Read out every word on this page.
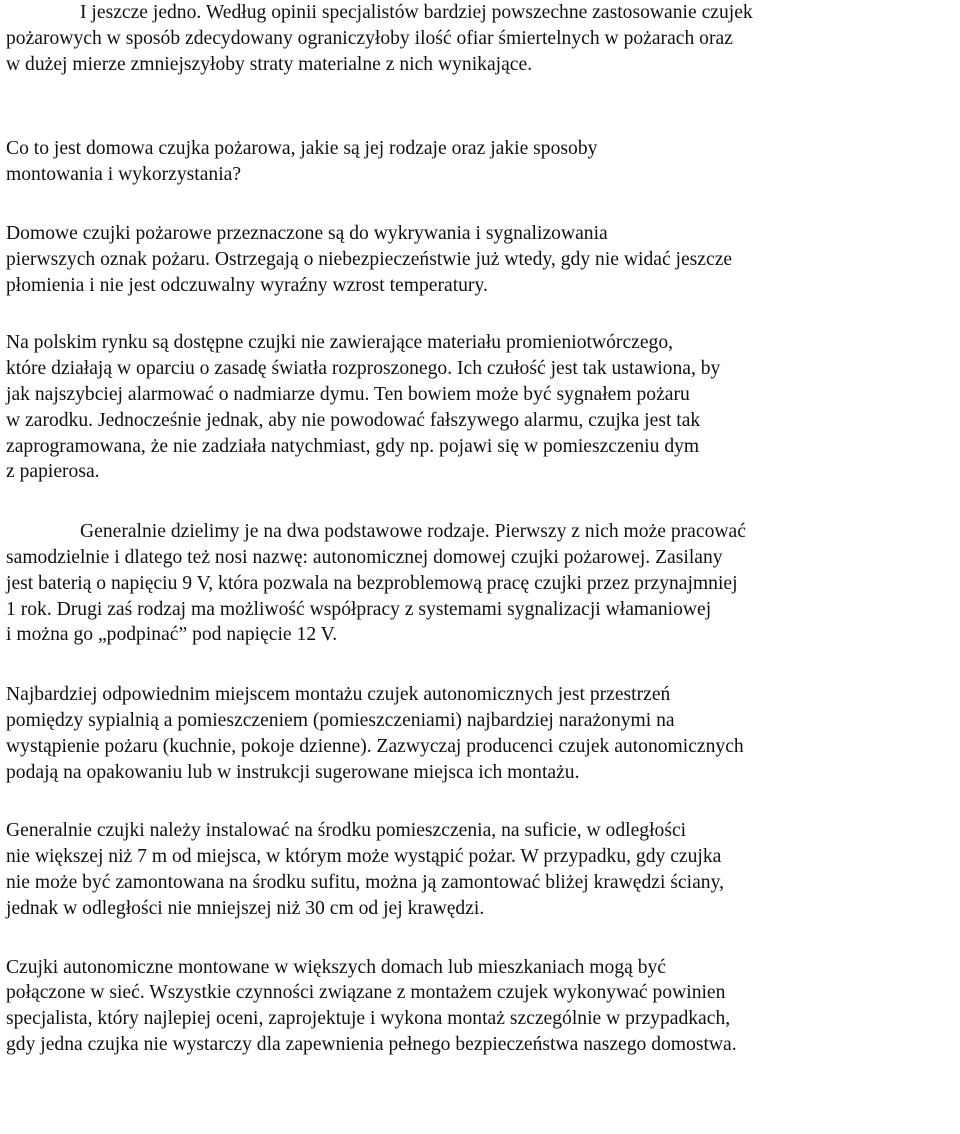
I jeszcze jedno. Według opinii specjalistów bardziej powszechne zastosowanie czujek
pożarowych w sposób zdecydowany ograniczyłoby ilość ofiar śmiertelnych w pożarach oraz
w dużej mierze zmniejszyłoby straty materialne z nich wynikające.

Co to jest domowa czujka pożarowa, jakie są jej rodzaje oraz jakie sposoby
montowania i wykorzystania?

Domowe czujki pożarowe przeznaczone są do wykrywania i sygnalizowania
pierwszych oznak pożaru. Ostrzegają o niebezpieczeństwie już wtedy, gdy nie widać jeszcze
płomienia i nie jest odczuwalny wyraźny wzrost temperatury.

Na polskim rynku są dostępne czujki nie zawierające materiału promieniotwórczego,
które działają w oparciu o zasadę światła rozproszonego. Ich czułość jest tak ustawiona, by
jak najszybciej alarmować o nadmiarze dymu. Ten bowiem może być sygnałem pożaru
w zarodku. Jednocześnie jednak, aby nie powodować fałszywego alarmu, czujka jest tak
zaprogramowana, że nie zadziała natychmiast, gdy np. pojawi się w pomieszczeniu dym
z papierosa.

Generalnie dzielimy je na dwa podstawowe rodzaje. Pierwszy z nich może pracować
samodzielnie i dlatego też nosi nazwę: autonomicznej domowej czujki pożarowej. Zasilany
jest baterią o napięciu 9 V, która pozwala na bezproblemową pracę czujki przez przynajmniej
1 rok. Drugi zaś rodzaj ma możliwość współpracy z systemami sygnalizacji włamaniowej
i można go „podpinać” pod napięcie 12 V.

Najbardziej odpowiednim miejscem montażu czujek autonomicznych jest przestrzeń
pomiędzy sypialnią a pomieszczeniem (pomieszczeniami) najbardziej narażonymi na
wystąpienie pożaru (kuchnie, pokoje dzienne). Zazwyczaj producenci czujek autonomicznych
podają na opakowaniu lub w instrukcji sugerowane miejsca ich montażu.

Generalnie czujki należy instalować na środku pomieszczenia, na suficie, w odległości
nie większej niż 7 m od miejsca, w którym może wystąpić pożar. W przypadku, gdy czujka
nie może być zamontowana na środku sufitu, można ją zamontować bliżej krawędzi ściany,
jednak w odległości nie mniejszej niż 30 cm od jej krawędzi.

Czujki autonomiczne montowane w większych domach lub mieszkaniach mogą być
połączone w sieć. Wszystkie czynności związane z montażem czujek wykonywać powinien
specjalista, który najlepiej oceni, zaprojektuje i wykona montaż szczególnie w przypadkach,
gdy jedna czujka nie wystarczy dla zapewnienia pełnego bezpieczeństwa naszego domostwa.
